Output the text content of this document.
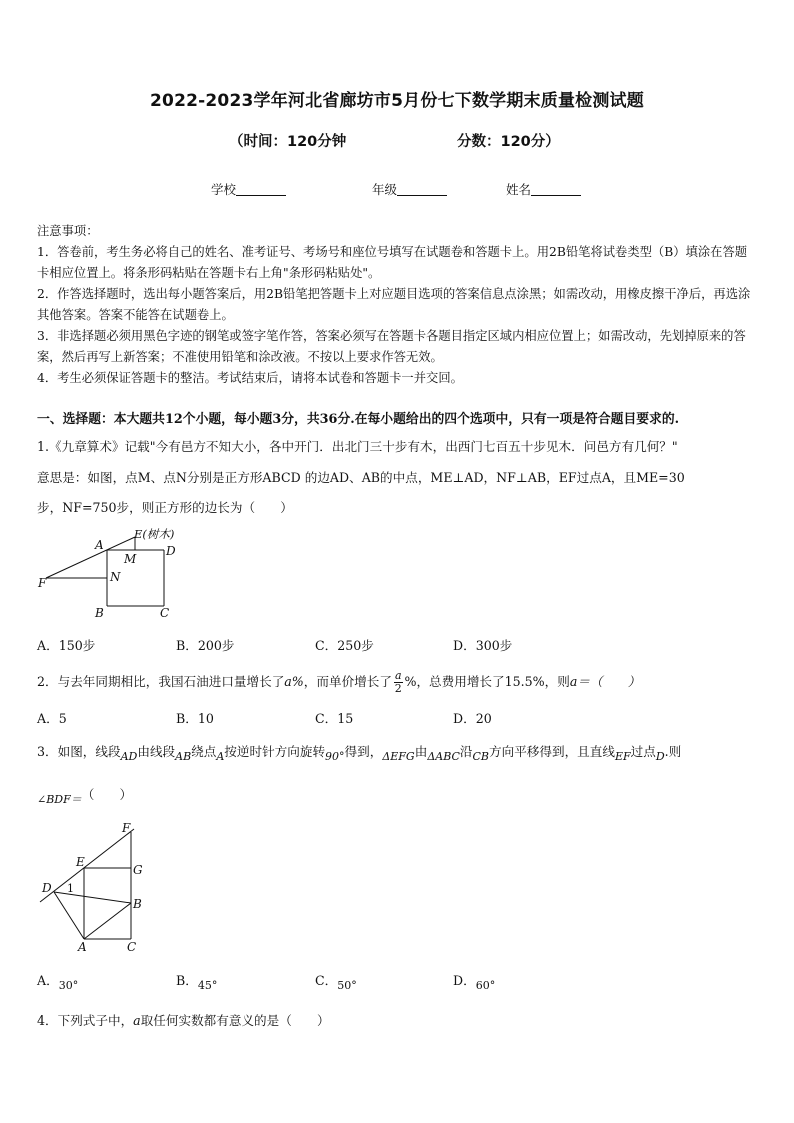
2022-2023学年河北省廊坊市5月份七下数学期末质量检测试题
（时间：120分钟	分数：120分）
学校	年级	姓名

注意事项：

1．答卷前，考生务必将自己的姓名、准考证号、考场号和座位号填写在试题卷和答题卡上。用2B铅笔将试卷类型（B）填涂在答题卡相应位置上。将条形码粘贴在答题卡右上角"条形码粘贴处"。

2．作答选择题时，选出每小题答案后，用2B铅笔把答题卡上对应题目选项的答案信息点涂黑；如需改动，用橡皮擦干净后，再选涂其他答案。答案不能答在试题卷上。

3．非选择题必须用黑色字迹的钢笔或签字笔作答，答案必须写在答题卡各题目指定区域内相应位置上；如需改动，先划掉原来的答案，然后再写上新答案；不准使用铅笔和涂改液。不按以上要求作答无效。

4．考生必须保证答题卡的整洁。考试结束后，请将本试卷和答题卡一并交回。

一、选择题：本大题共12个小题，每小题3分，共36分.在每小题给出的四个选项中，只有一项是符合题目要求的.
1.《九章算术》记载"今有邑方不知大小，各中开门．出北门三十步有木，出西门七百五十步见木．问邑方有几何？"
意思是：如图，点M、点N分别是正方形ABCD 的边AD、AB的中点，ME⊥AD，NF⊥AB，EF过点A，且ME=30
步，NF=750步，则正方形的边长为（　　）
A
E(树木)
D
M
N
F
B	C
A．150步	B．200步	C．250步	D．300步
2．与去年同期相比，我国石油进口量增长了a%，而单价增长了 $\frac{a}{2}$ %，总费用增长了15.5%，则a＝（　　）
A．5	B．10	C．15	D．20
3．如图，线段AD由线段AB绕点A按逆时针方向旋转90°得到，ΔEFG由ΔABC沿CB方向平移得到，且直线EF过点D.则
∠BDF＝（　　）
F
E
G
D 1
B
A	C
A．30°	B．45°	C．50°	D．60°
4．下列式子中，a取任何实数都有意义的是（　　）
